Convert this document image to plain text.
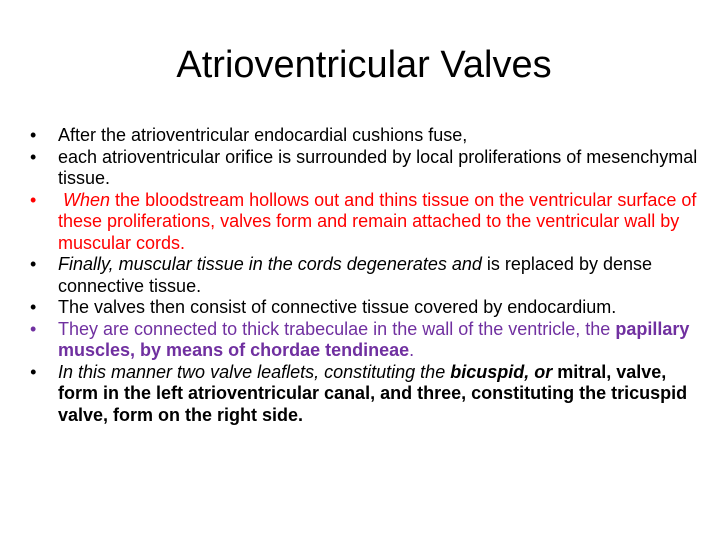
Atrioventricular Valves
• After the atrioventricular endocardial cushions fuse,
• each atrioventricular orifice is surrounded by local proliferations of mesenchymal tissue.
• When the bloodstream hollows out and thins tissue on the ventricular surface of these proliferations, valves form and remain attached to the ventricular wall by muscular cords.
• Finally, muscular tissue in the cords degenerates and is replaced by dense connective tissue.
• The valves then consist of connective tissue covered by endocardium.
• They are connected to thick trabeculae in the wall of the ventricle, the papillary muscles, by means of chordae tendineae.
• In this manner two valve leaflets, constituting the bicuspid, or mitral, valve, form in the left atrioventricular canal, and three, constituting the tricuspid valve, form on the right side.
